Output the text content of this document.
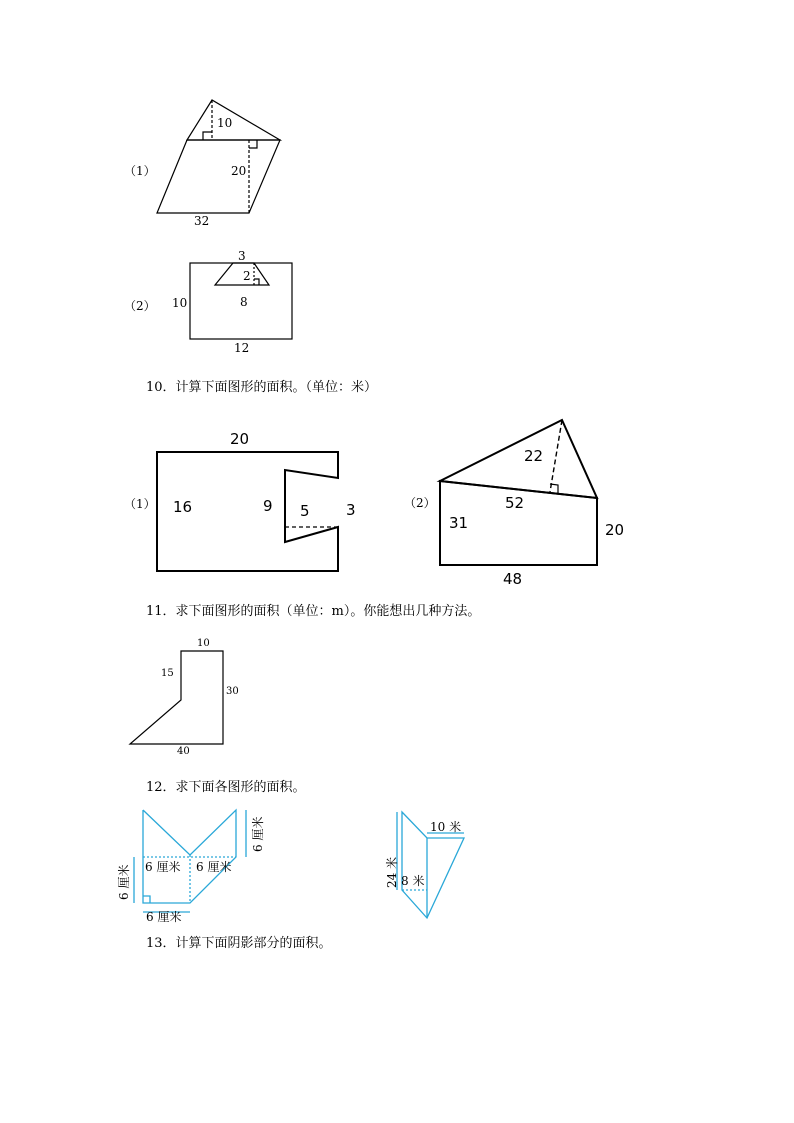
（1）
10
20
32
（2）
3
2
8
10
12
10．计算下面图形的面积。（单位：米）
（1）
20
16	9 5 3	（2）
22
52
31	20
48
11．求下面图形的面积（单位：m）。你能想出几种方法。
10
15
30
40
12．求下面各图形的面积。
6 厘米 6 厘米 6 厘米
6 厘米
6 厘米
10 米
24 米 8 米
13．计算下面阴影部分的面积。
